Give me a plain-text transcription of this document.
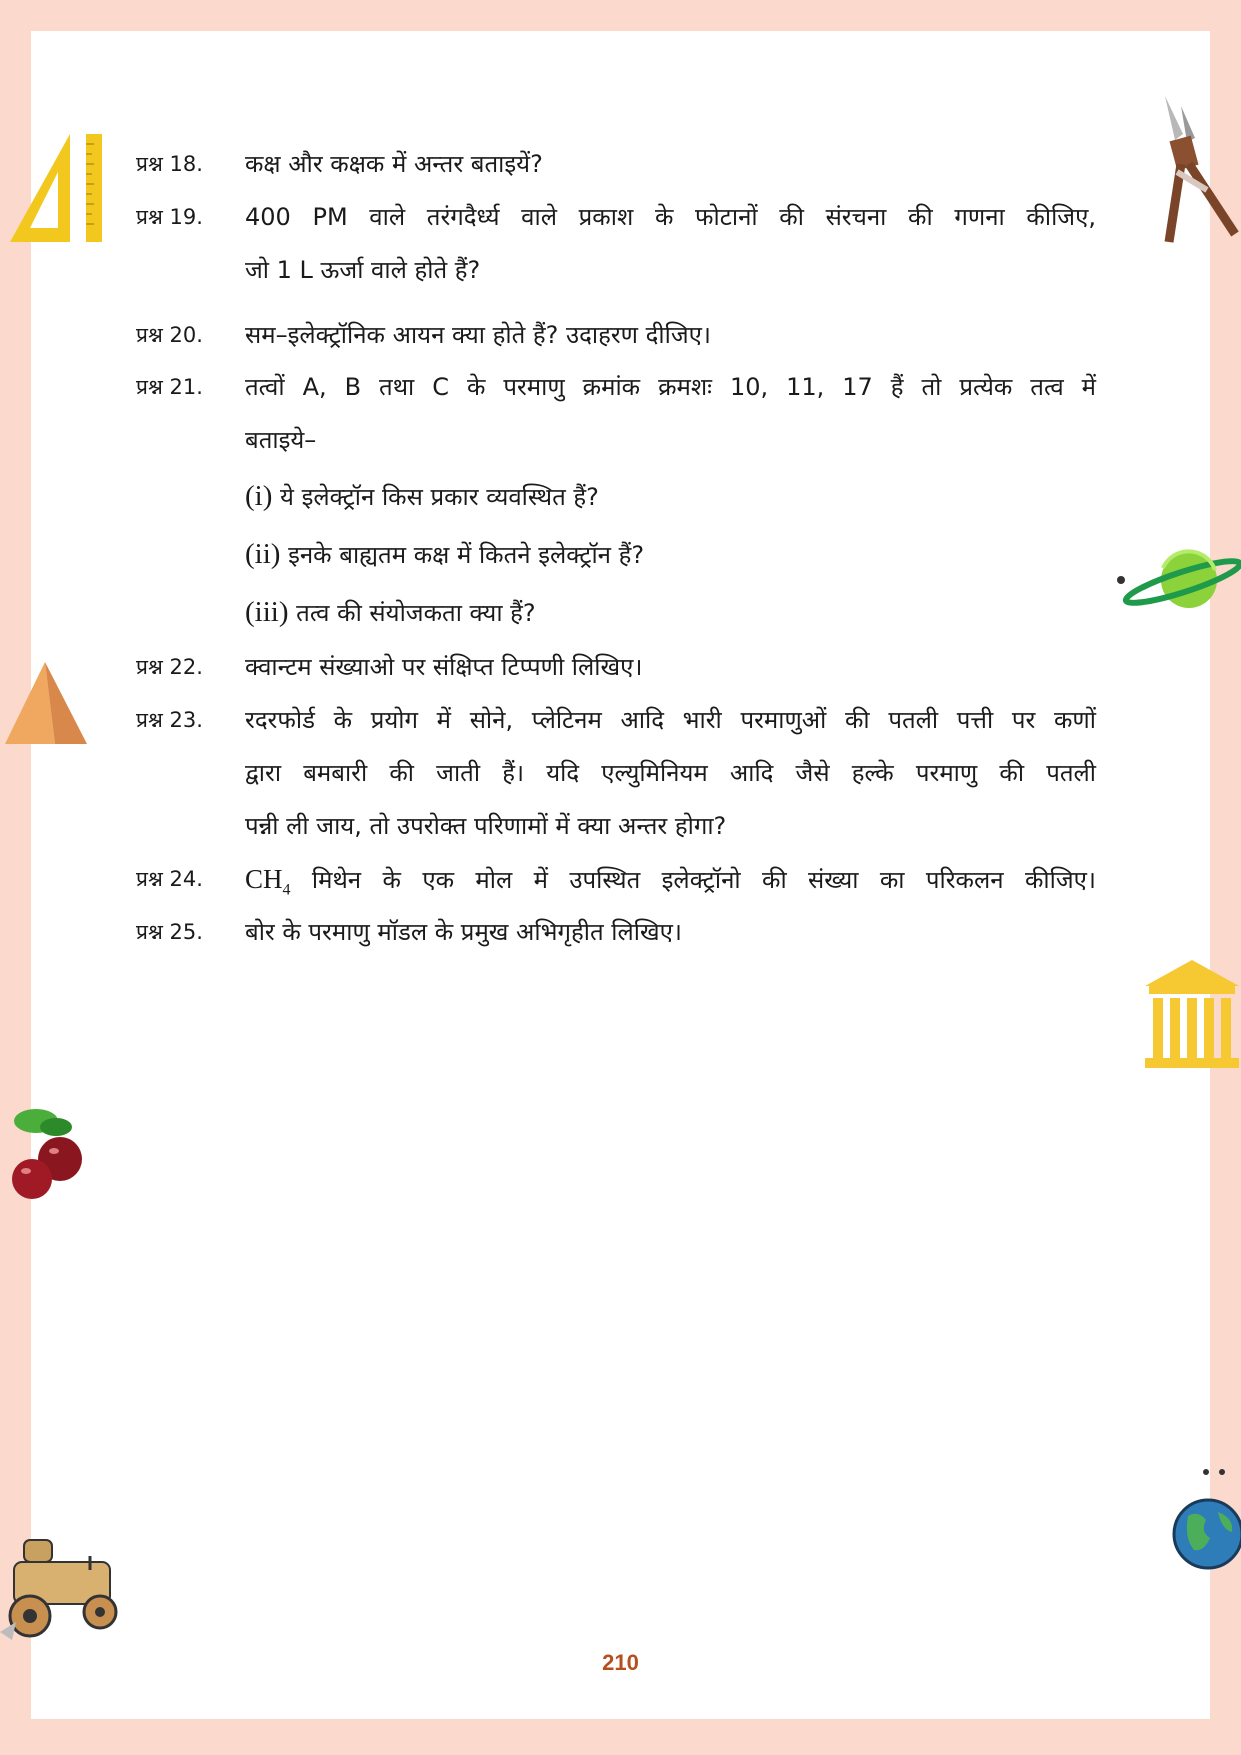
प्रश्न 18.	कक्ष और कक्षक में अन्तर बताइयें?
प्रश्न 19.	400 PM वाले तरंगदैर्ध्य वाले प्रकाश के फोटानों की संरचना की गणना कीजिए,
जो 1 L ऊर्जा वाले होते हैं?
प्रश्न 20.	सम–इलेक्ट्रॉनिक आयन क्या होते हैं? उदाहरण दीजिए।
प्रश्न 21.	तत्वों A, B तथा C के परमाणु क्रमांक क्रमशः 10, 11, 17 हैं तो प्रत्येक तत्व में
बताइये–
(i) ये इलेक्ट्रॉन किस प्रकार व्यवस्थित हैं?
(ii) इनके बाह्यतम कक्ष में कितने इलेक्ट्रॉन हैं?
(iii) तत्व की संयोजकता क्या हैं?
प्रश्न 22.	क्वान्टम संख्याओ पर संक्षिप्त टिप्पणी लिखिए।
प्रश्न 23.	रदरफोर्ड के प्रयोग में सोने, प्लेटिनम आदि भारी परमाणुओं की पतली पत्ती पर कणों
द्वारा बमबारी की जाती हैं। यदि एल्युमिनियम आदि जैसे हल्के परमाणु की पतली
पन्नी ली जाय, तो उपरोक्त परिणामों में क्या अन्तर होगा?
प्रश्न 24.	$CH_4$ मिथेन के एक मोल में उपस्थित इलेक्ट्रॉनो की संख्या का परिकलन कीजिए।
प्रश्न 25.	बोर के परमाणु मॉडल के प्रमुख अभिगृहीत लिखिए।
210
